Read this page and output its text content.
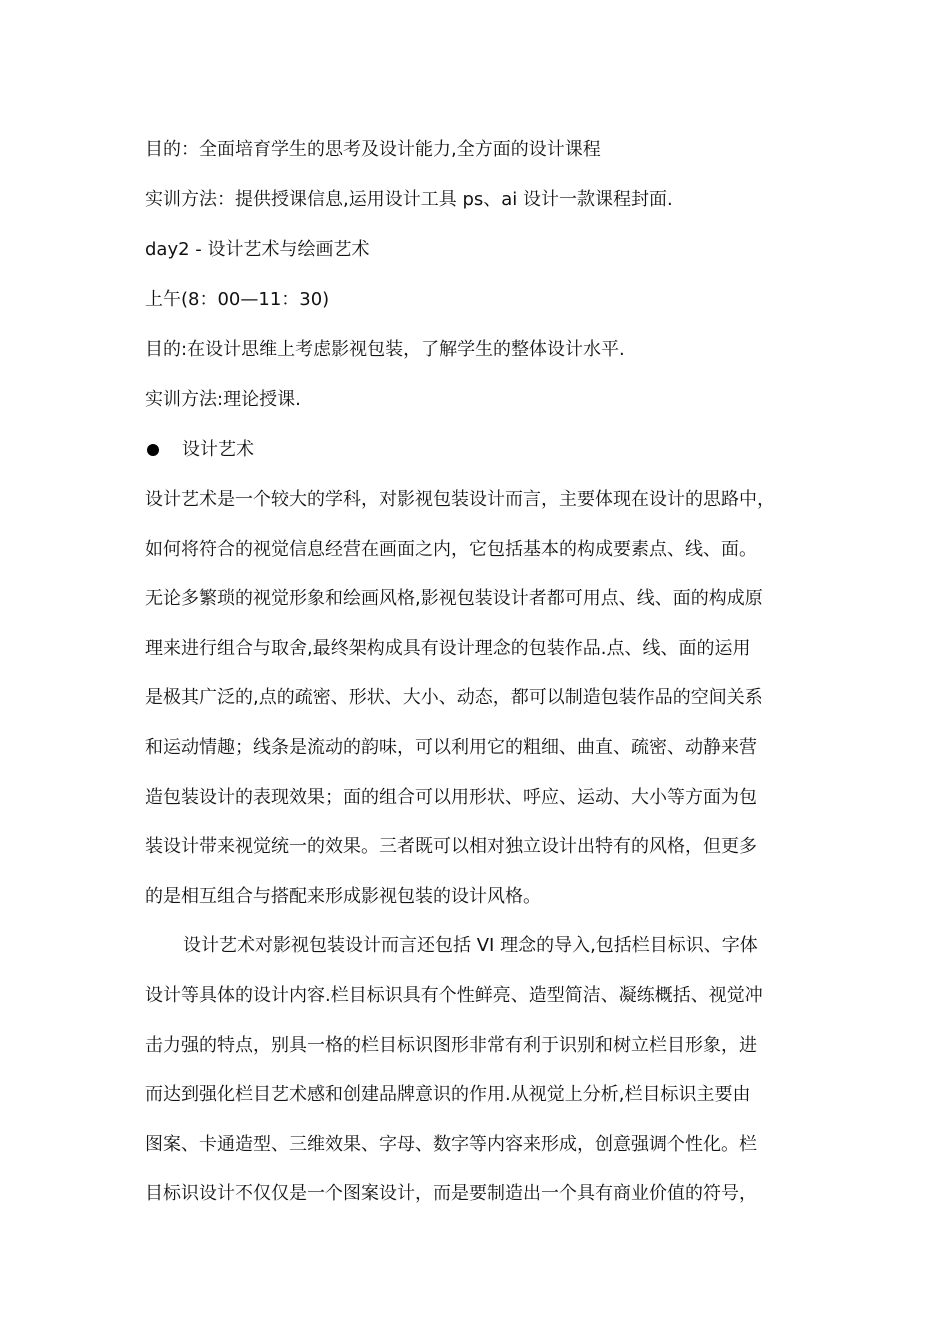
目的：全面培育学生的思考及设计能力,全方面的设计课程
实训方法：提供授课信息,运用设计工具 ps、ai 设计一款课程封面.
day2 - 设计艺术与绘画艺术
上午(8：00—11：30)
目的:在设计思维上考虑影视包装，了解学生的整体设计水平.
实训方法:理论授课.
设计艺术
设计艺术是一个较大的学科，对影视包装设计而言，主要体现在设计的思路中，
如何将符合的视觉信息经营在画面之内，它包括基本的构成要素点、线、面。
无论多繁琐的视觉形象和绘画风格,影视包装设计者都可用点、线、面的构成原
理来进行组合与取舍,最终架构成具有设计理念的包装作品.点、线、面的运用
是极其广泛的,点的疏密、形状、大小、动态，都可以制造包装作品的空间关系
和运动情趣；线条是流动的韵味，可以利用它的粗细、曲直、疏密、动静来营
造包装设计的表现效果；面的组合可以用形状、呼应、运动、大小等方面为包
装设计带来视觉统一的效果。三者既可以相对独立设计出特有的风格，但更多
的是相互组合与搭配来形成影视包装的设计风格。
设计艺术对影视包装设计而言还包括 VI 理念的导入,包括栏目标识、字体
设计等具体的设计内容.栏目标识具有个性鲜亮、造型简洁、凝练概括、视觉冲
击力强的特点，别具一格的栏目标识图形非常有利于识别和树立栏目形象，进
而达到强化栏目艺术感和创建品牌意识的作用.从视觉上分析,栏目标识主要由
图案、卡通造型、三维效果、字母、数字等内容来形成，创意强调个性化。栏
目标识设计不仅仅是一个图案设计，而是要制造出一个具有商业价值的符号，
